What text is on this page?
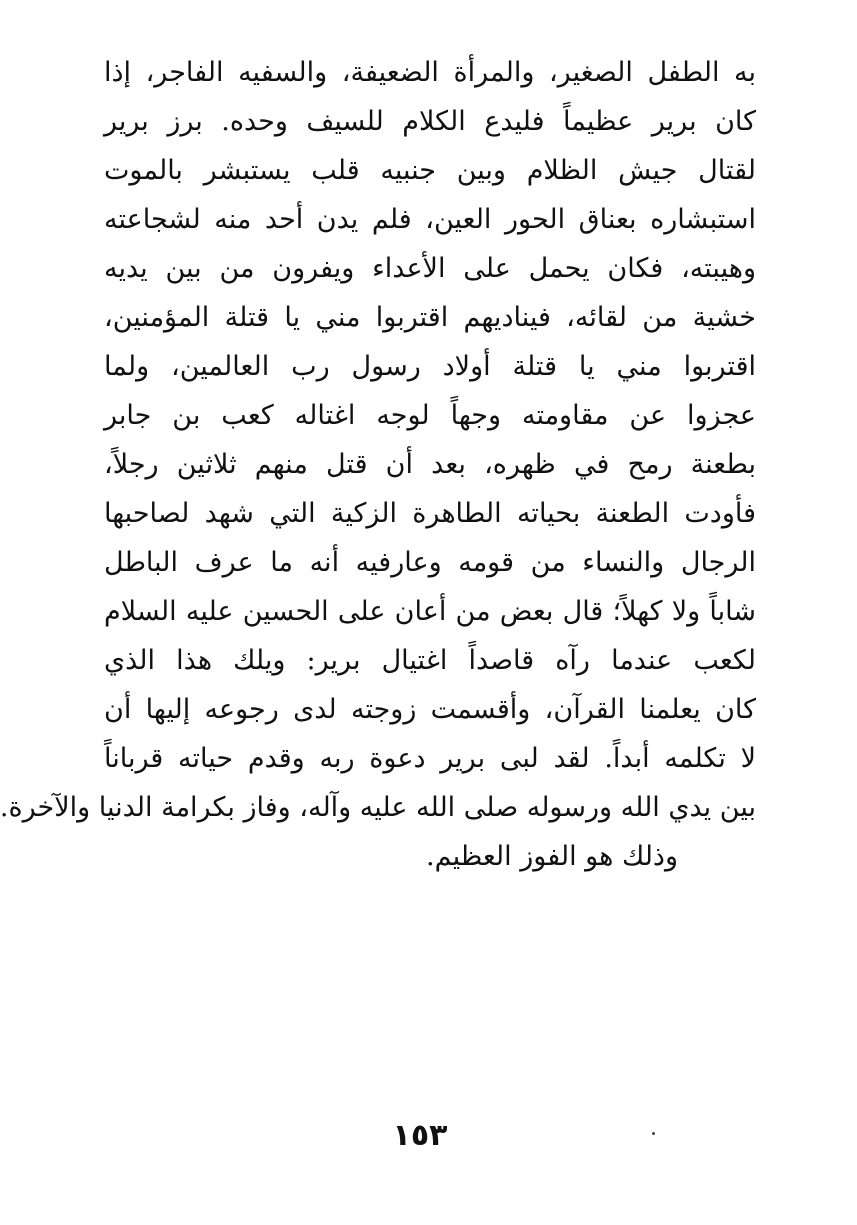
به الطفل الصغير، والمرأة الضعيفة، والسفيه الفاجر، إذا
كان برير عظيماً فليدع الكلام للسيف وحده. برز برير
لقتال جيش الظلام وبين جنبيه قلب يستبشر بالموت
استبشاره بعناق الحور العين، فلم يدن أحد منه لشجاعته
وهيبته، فكان يحمل على الأعداء ويفرون من بين يديه
خشية من لقائه، فيناديهم اقتربوا مني يا قتلة المؤمنين،
اقتربوا مني يا قتلة أولاد رسول رب العالمين، ولما
عجزوا عن مقاومته وجهاً لوجه اغتاله كعب بن جابر
بطعنة رمح في ظهره، بعد أن قتل منهم ثلاثين رجلاً،
فأودت الطعنة بحياته الطاهرة الزكية التي شهد لصاحبها
الرجال والنساء من قومه وعارفيه أنه ما عرف الباطل
شاباً ولا كهلاً؛ قال بعض من أعان على الحسين عليه السلام
لكعب عندما رآه قاصداً اغتيال برير: ويلك هذا الذي
كان يعلمنا القرآن، وأقسمت زوجته لدى رجوعه إليها أن
لا تكلمه أبداً. لقد لبى برير دعوة ربه وقدم حياته قرباناً
بين يدي الله ورسوله صلى الله عليه وآله، وفاز بكرامة الدنيا والآخرة.
وذلك هو الفوز العظيم.
١٥٣
